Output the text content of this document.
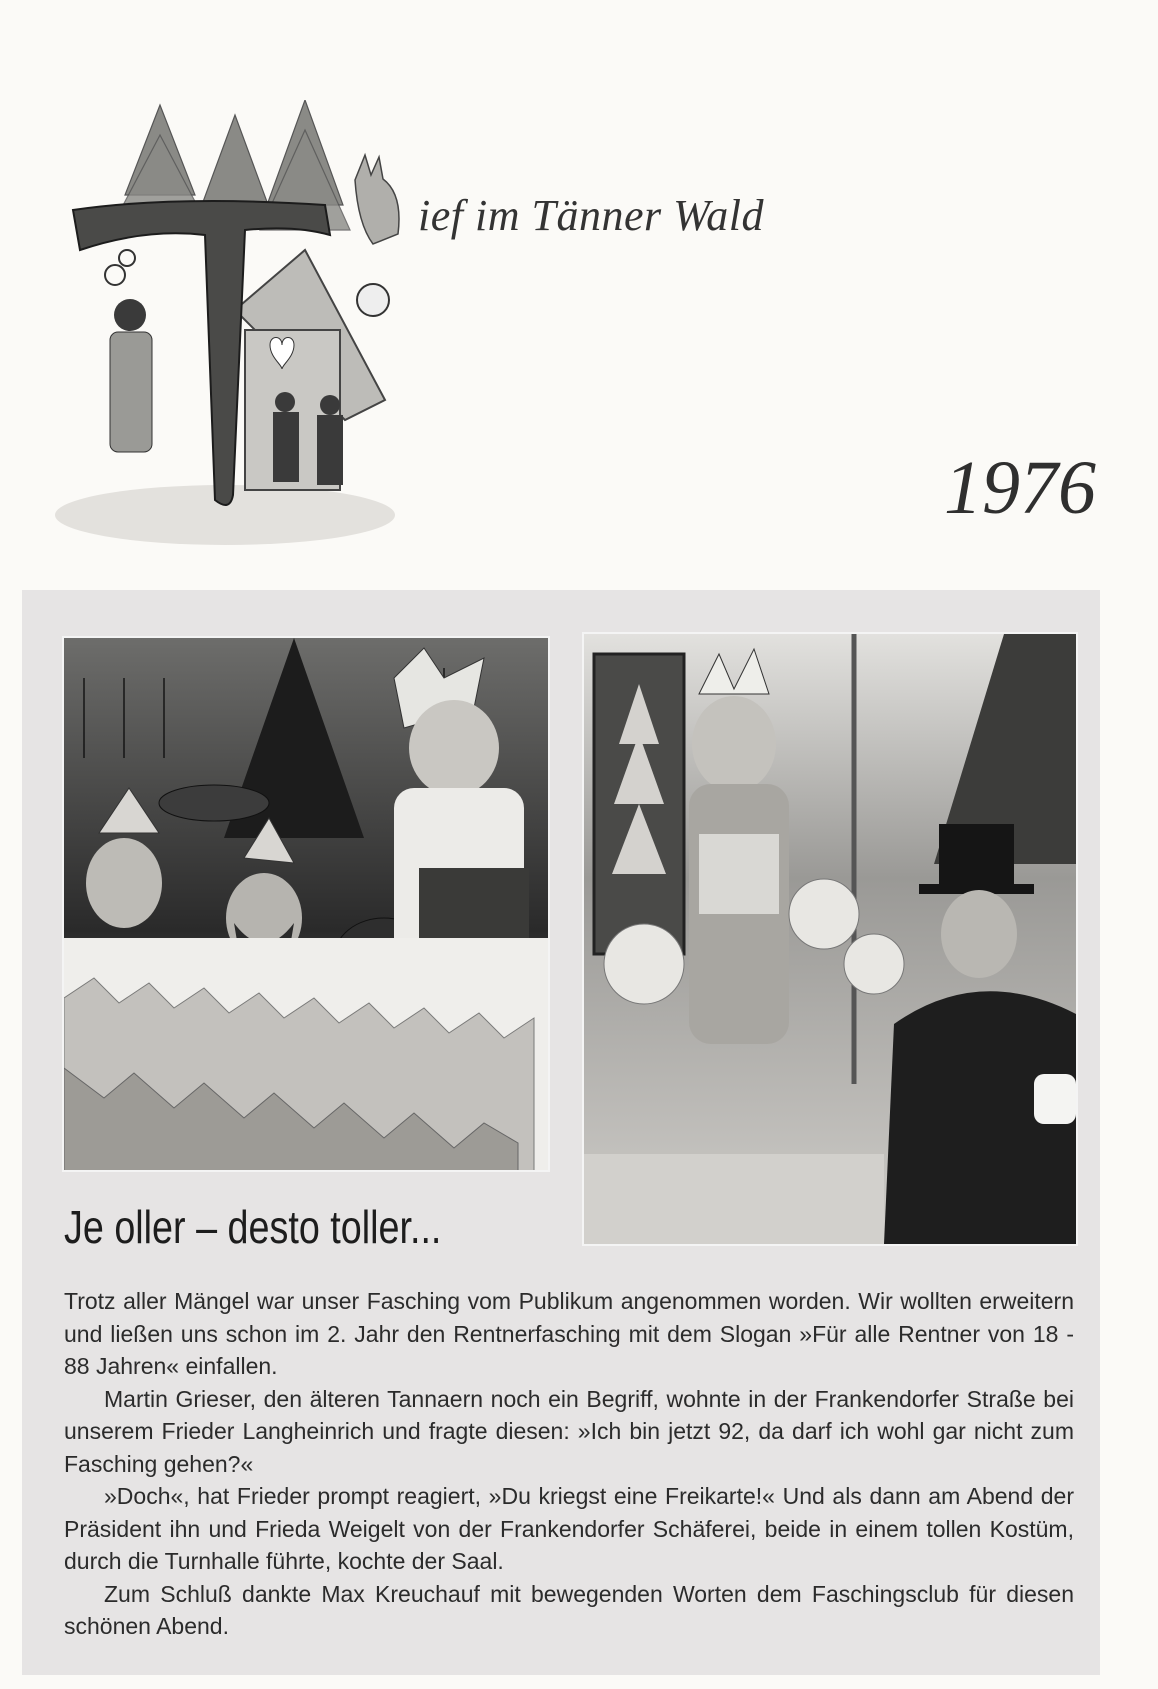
ief im Tänner Wald
1976
Je oller – desto toller...

Trotz aller Mängel war unser Fasching vom Publikum angenommen worden. Wir wollten erweitern und ließen uns schon im 2. Jahr den Rentnerfasching mit dem Slogan »Für alle Rentner von 18 - 88 Jahren« einfallen.

Martin Grieser, den älteren Tannaern noch ein Begriff, wohnte in der Frankendorfer Straße bei unserem Frieder Langheinrich und fragte diesen: »Ich bin jetzt 92, da darf ich wohl gar nicht zum Fasching gehen?«

»Doch«, hat Frieder prompt reagiert, »Du kriegst eine Freikarte!« Und als dann am Abend der Präsident ihn und Frieda Weigelt von der Frankendorfer Schäferei, beide in einem tollen Kostüm, durch die Turnhalle führte, kochte der Saal.

Zum Schluß dankte Max Kreuchauf mit bewegenden Worten dem Faschingsclub für diesen schönen Abend.
